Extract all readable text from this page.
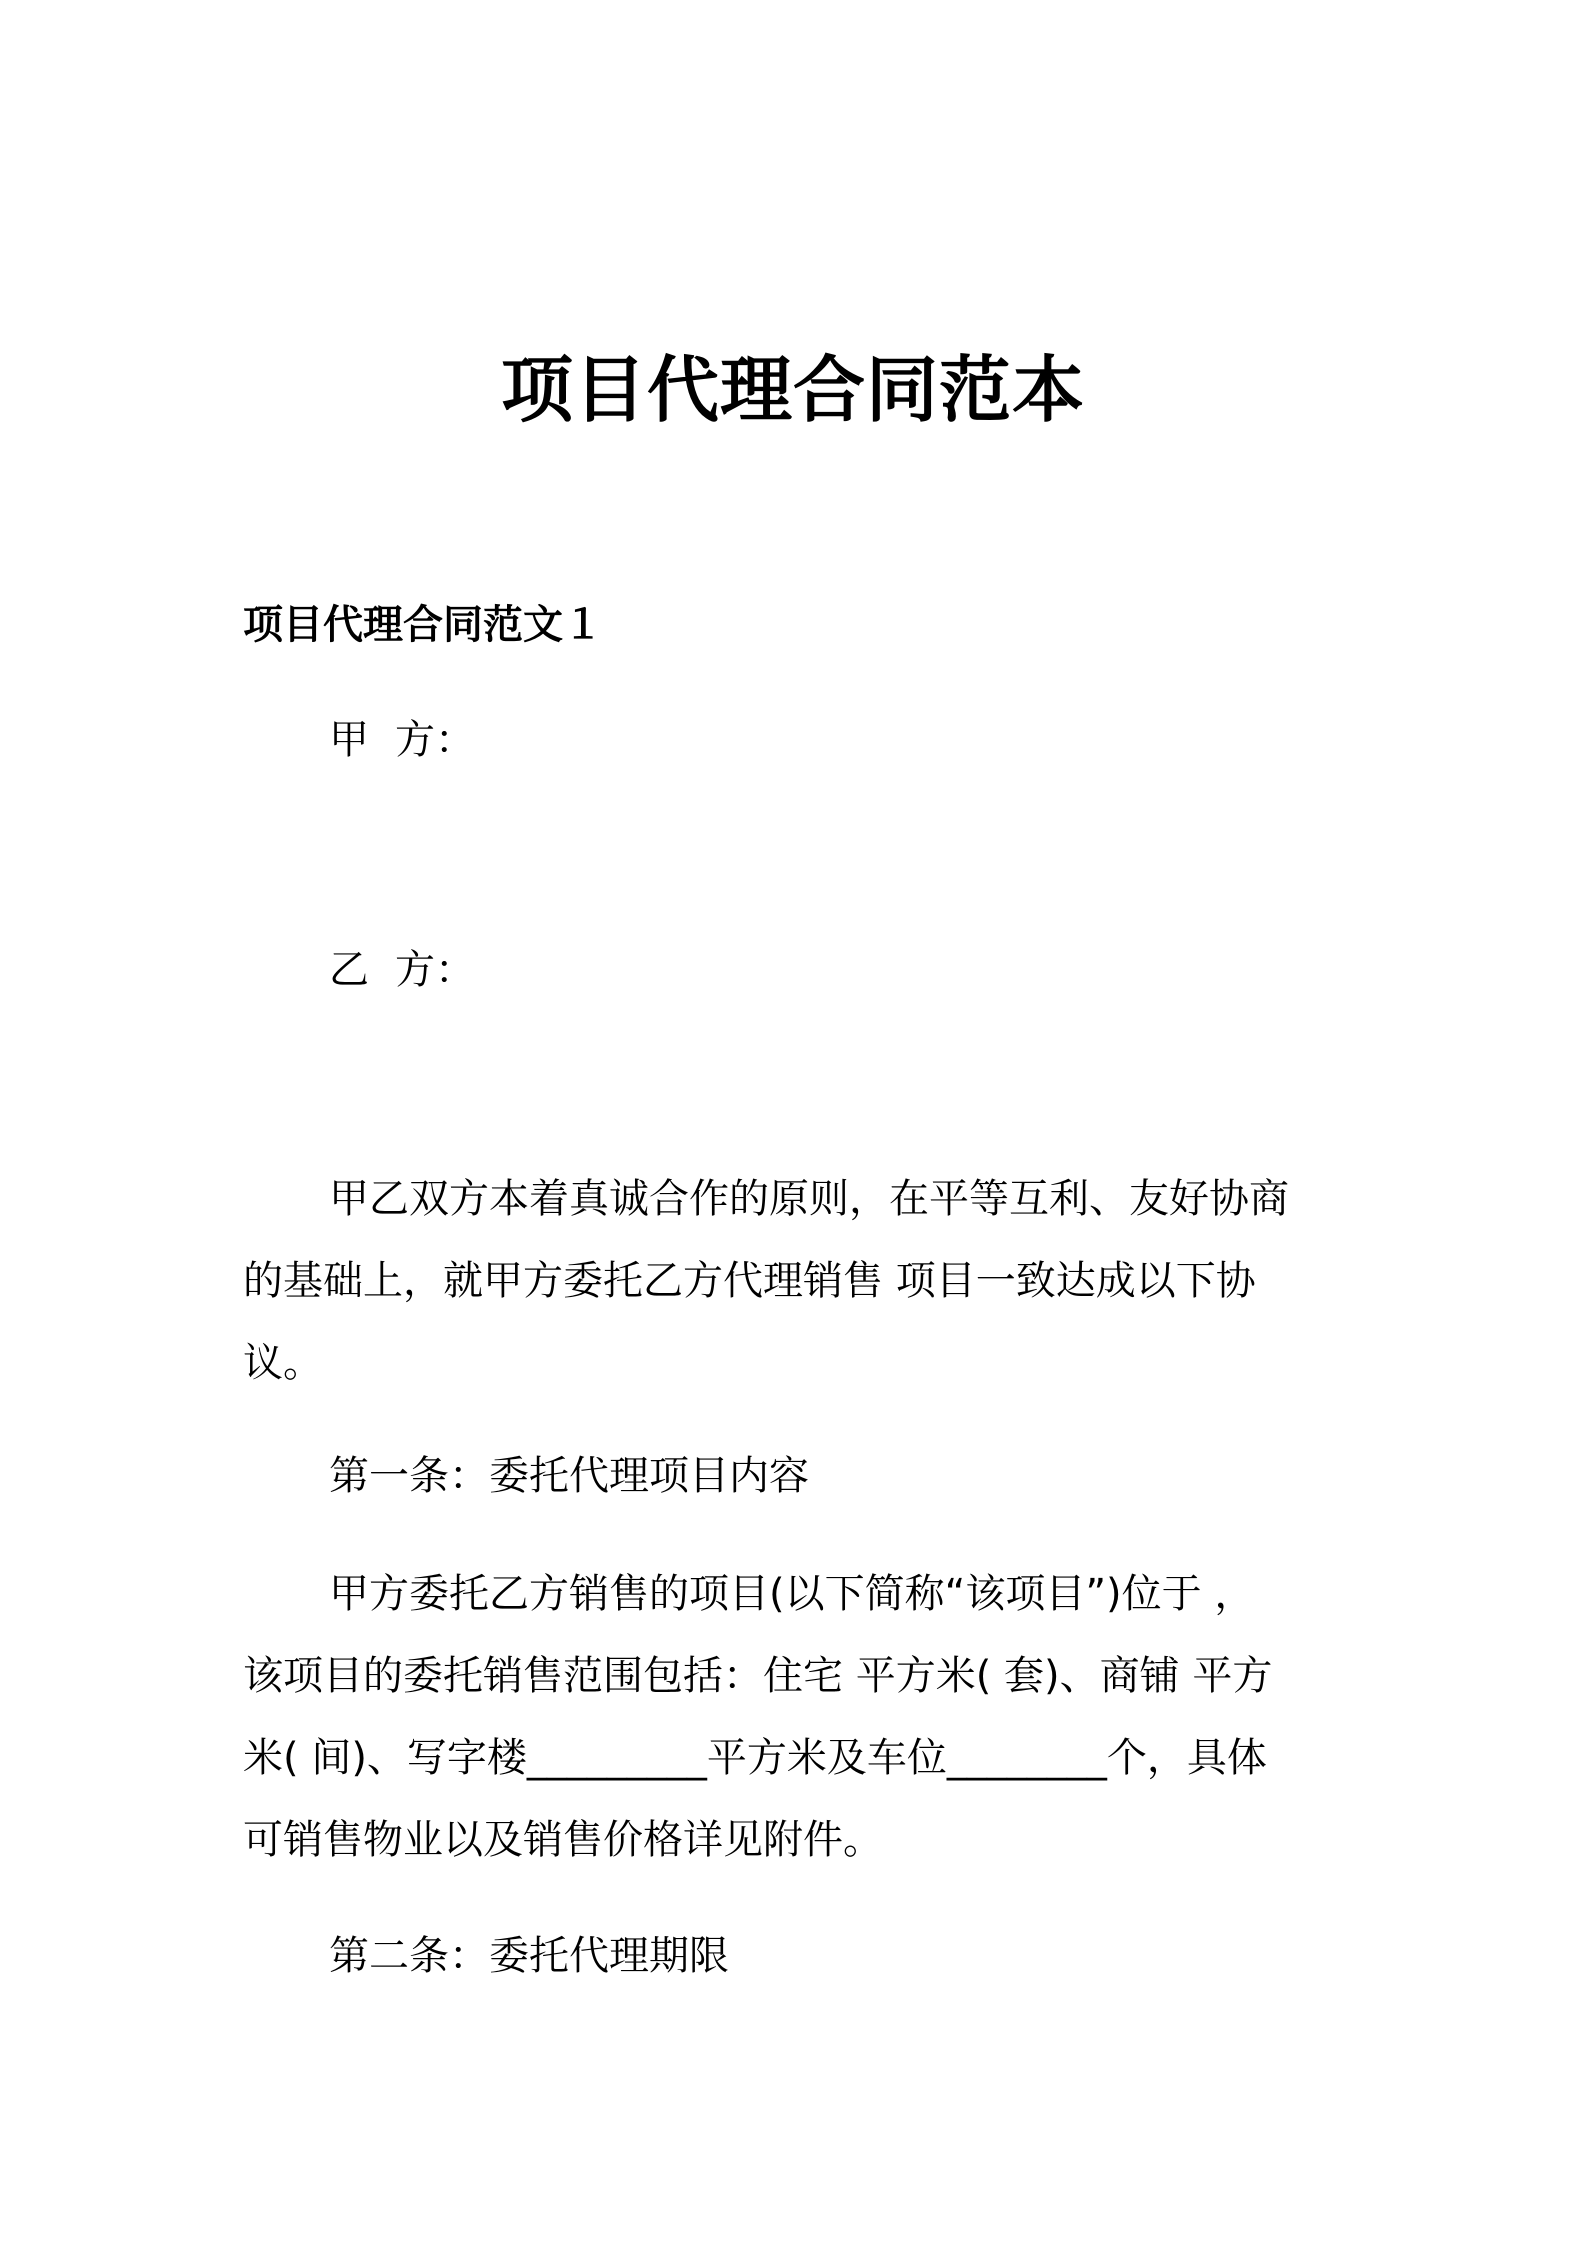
项目代理合同范本
项目代理合同范文１

甲 方：

乙 方：

甲乙双方本着真诚合作的原则，在平等互利、友好协商
的基础上，就甲方委托乙方代理销售 项目一致达成以下协
议。

第一条：委托代理项目内容

甲方委托乙方销售的项目(以下简称“该项目”)位于 ，
该项目的委托销售范围包括：住宅 平方米( 套)、商铺 平方
米( 间)、写字楼_________平方米及车位________个，具体
可销售物业以及销售价格详见附件。

第二条：委托代理期限
